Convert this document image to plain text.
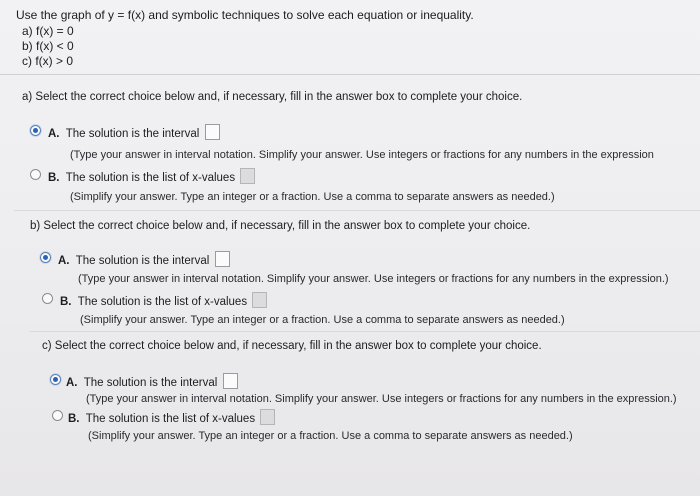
Use the graph of y = f(x) and symbolic techniques to solve each equation or inequality.
a) f(x) = 0
b) f(x) < 0
c) f(x) > 0
a) Select the correct choice below and, if necessary, fill in the answer box to complete your choice.
A. The solution is the interval
(Type your answer in interval notation. Simplify your answer. Use integers or fractions for any numbers in the expression
B. The solution is the list of x-values
(Simplify your answer. Type an integer or a fraction. Use a comma to separate answers as needed.)
b) Select the correct choice below and, if necessary, fill in the answer box to complete your choice.
A. The solution is the interval
(Type your answer in interval notation. Simplify your answer. Use integers or fractions for any numbers in the expression.)
B. The solution is the list of x-values
(Simplify your answer. Type an integer or a fraction. Use a comma to separate answers as needed.)
c) Select the correct choice below and, if necessary, fill in the answer box to complete your choice.
A. The solution is the interval
(Type your answer in interval notation. Simplify your answer. Use integers or fractions for any numbers in the expression.)
B. The solution is the list of x-values
(Simplify your answer. Type an integer or a fraction. Use a comma to separate answers as needed.)
